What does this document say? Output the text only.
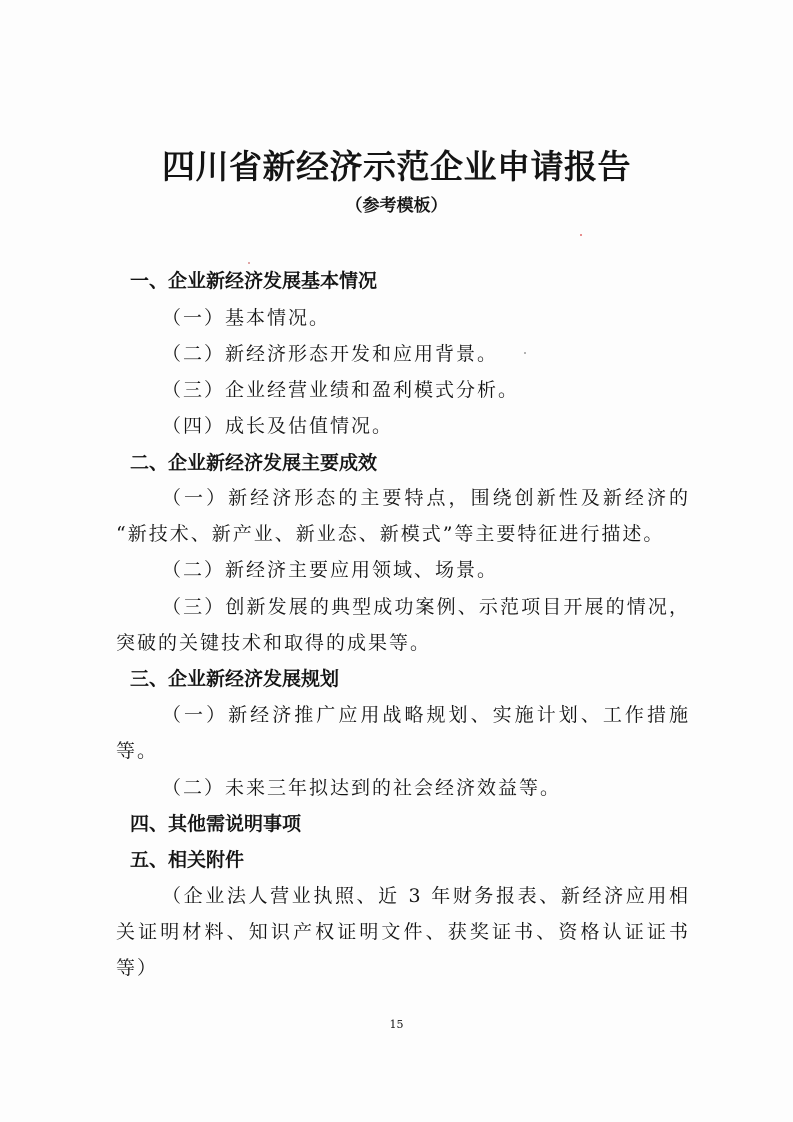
四川省新经济示范企业申请报告
（参考模板）
一、企业新经济发展基本情况
（一）基本情况。
（二）新经济形态开发和应用背景。
（三）企业经营业绩和盈利模式分析。
（四）成长及估值情况。
二、企业新经济发展主要成效
（一）新经济形态的主要特点，围绕创新性及新经济的
“新技术、新产业、新业态、新模式”等主要特征进行描述。
（二）新经济主要应用领域、场景。
（三）创新发展的典型成功案例、示范项目开展的情况，
突破的关键技术和取得的成果等。
三、企业新经济发展规划
（一）新经济推广应用战略规划、实施计划、工作措施
等。
（二）未来三年拟达到的社会经济效益等。
四、其他需说明事项
五、相关附件
（企业法人营业执照、近 3 年财务报表、新经济应用相
关证明材料、知识产权证明文件、获奖证书、资格认证证书
等）
15
